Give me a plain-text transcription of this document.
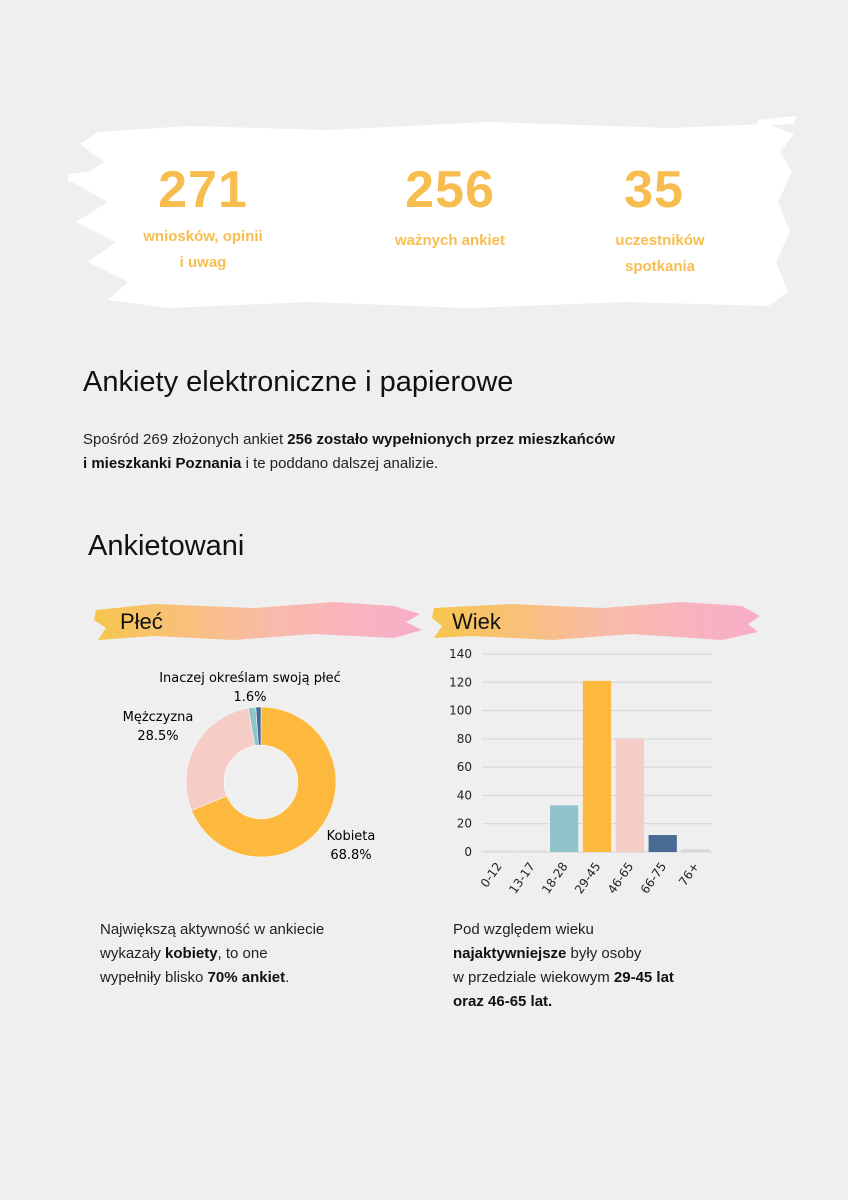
271
wniosków, opinii
i uwag
256
ważnych ankiet
35
uczestników
spotkania
Ankiety elektroniczne i papierowe
Spośród 269 złożonych ankiet 256 zostało wypełnionych przez mieszkańców
i mieszkanki Poznania i te poddano dalszej analizie.
Ankietowani
Płeć	Wiek
Inaczej określam swoją płeć
1.6%
Mężczyzna
28.5%
Kobieta
68.8%	0
20
40
60
80
100
120
140
0-12 13-17 18-28 29-45 46-65 66-75 76+
Największą aktywność w ankiecie
wykazały kobiety, to one
wypełniły blisko 70% ankiet.
Pod względem wieku
najaktywniejsze były osoby
w przedziale wiekowym 29-45 lat
oraz 46-65 lat.
